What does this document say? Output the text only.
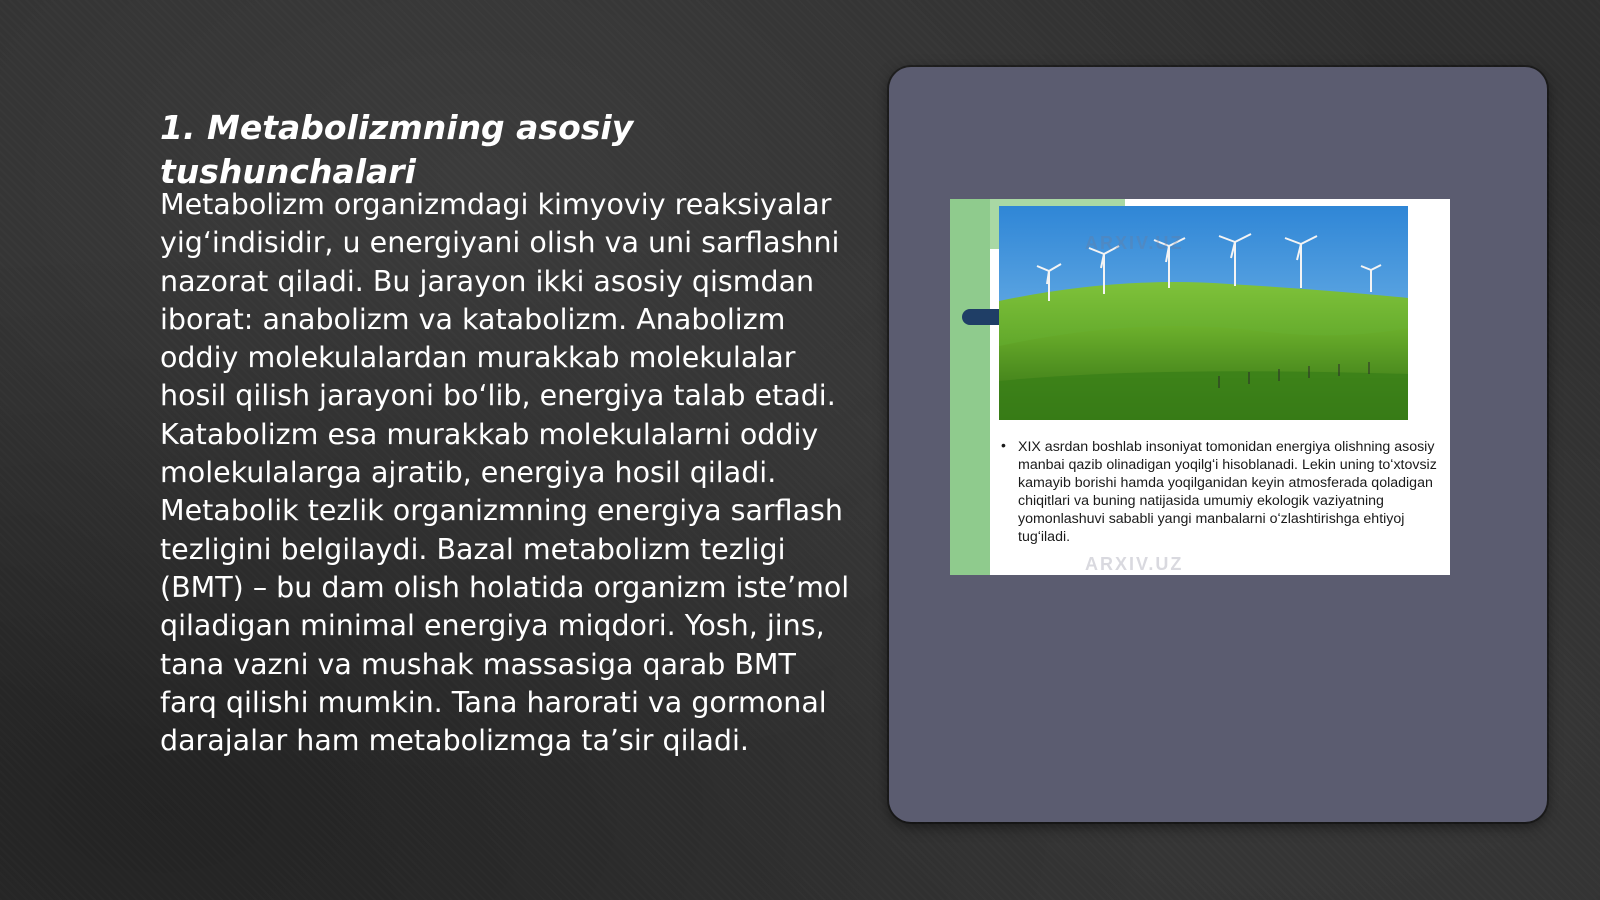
1. Metabolizmning asosiy tushunchalari

Metabolizm organizmdagi kimyoviy reaksiyalar yigʻindisidir, u energiyani olish va uni sarflashni nazorat qiladi. Bu jarayon ikki asosiy qismdan iborat: anabolizm va katabolizm. Anabolizm oddiy molekulalardan murakkab molekulalar hosil qilish jarayoni boʻlib, energiya talab etadi. Katabolizm esa murakkab molekulalarni oddiy molekulalarga ajratib, energiya hosil qiladi. Metabolik tezlik organizmning energiya sarflash tezligini belgilaydi. Bazal metabolizm tezligi (BMT) – bu dam olish holatida organizm isteʼmol qiladigan minimal energiya miqdori. Yosh, jins, tana vazni va mushak massasiga qarab BMT farq qilishi mumkin. Tana harorati va gormonal darajalar ham metabolizmga taʼsir qiladi.

ARXIV.UZ
• XIX asrdan boshlab insoniyat tomonidan energiya olishning asosiy manbai qazib olinadigan yoqilgʻi hisoblanadi. Lekin uning toʻxtovsiz kamayib borishi hamda yoqilganidan keyin atmosferada qoladigan chiqitlari va buning natijasida umumiy ekologik vaziyatning yomonlashuvi sababli yangi manbalarni oʻzlashtirishga ehtiyoj tugʻiladi.

ARXIV.UZ
